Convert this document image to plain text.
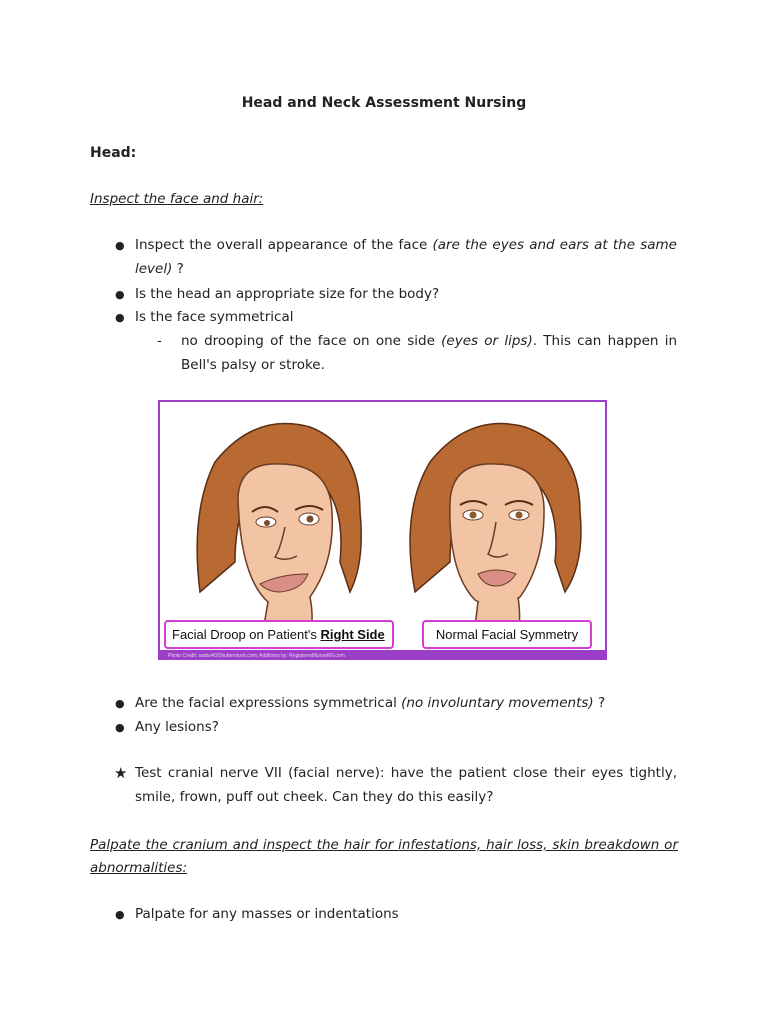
Head and Neck Assessment Nursing
Head:
Inspect the face and hair:
● Inspect the overall appearance of the face (are the eyes and ears at the same level) ?
● Is the head an appropriate size for the body?
● Is the face symmetrical
- no drooping of the face on one side (eyes or lips). This can happen in Bell's palsy or stroke.
Facial Droop on Patient's Right Side	Normal Facial Symmetry
Photo Credit: sarbo40/Shutterstock.com; Additions by: RegisteredNurseRN.com
● Are the facial expressions symmetrical (no involuntary movements) ?
● Any lesions?
★ Test cranial nerve VII (facial nerve): have the patient close their eyes tightly, smile, frown, puff out cheek. Can they do this easily?
Palpate the cranium and inspect the hair for infestations, hair loss, skin breakdown or abnormalities:
● Palpate for any masses or indentations
